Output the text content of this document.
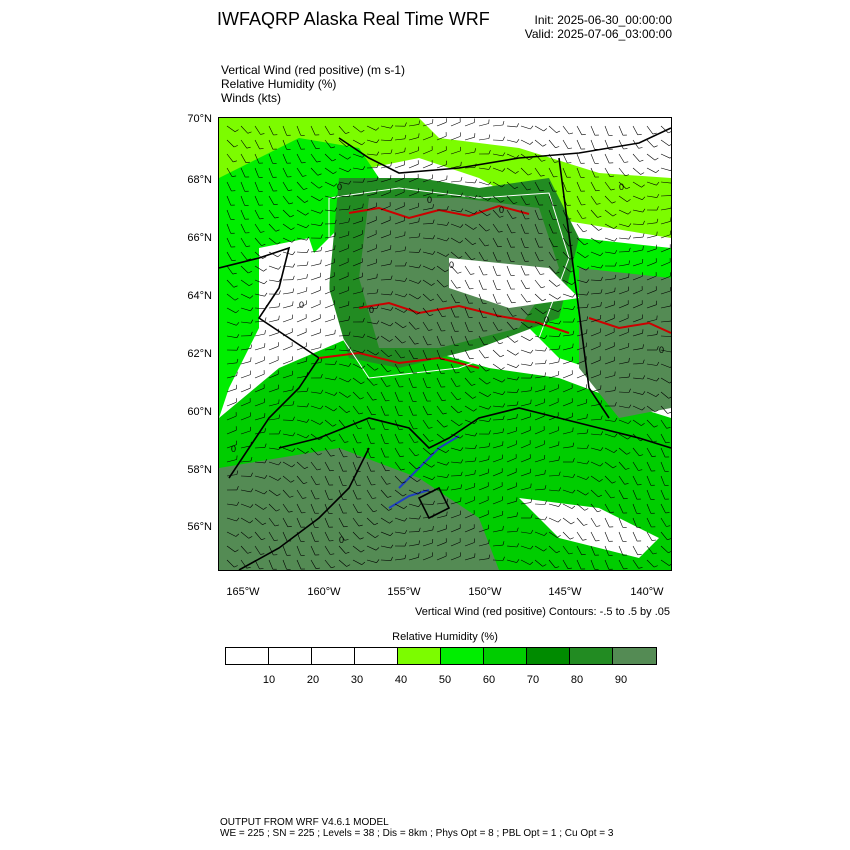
IWFAQRP Alaska Real Time WRF	Init: 2025-06-30_00:00:00
Valid: 2025-07-06_03:00:00
Vertical Wind (red positive) (m s-1)
Relative Humidity (%)
Winds (kts)
0
0
0
0
0
0
0
0
0
0
0
70°N
68°N
66°N
64°N
62°N
60°N
58°N
56°N
165°W	160°W	155°W	150°W	145°W	140°W
Vertical Wind (red positive) Contours: -.5 to .5 by .05
Relative Humidity (%)
10	20	30	40	50	60	70	80	90
OUTPUT FROM WRF V4.6.1 MODEL
WE = 225 ; SN = 225 ; Levels = 38 ; Dis = 8km ; Phys Opt = 8 ; PBL Opt = 1 ; Cu Opt = 3
